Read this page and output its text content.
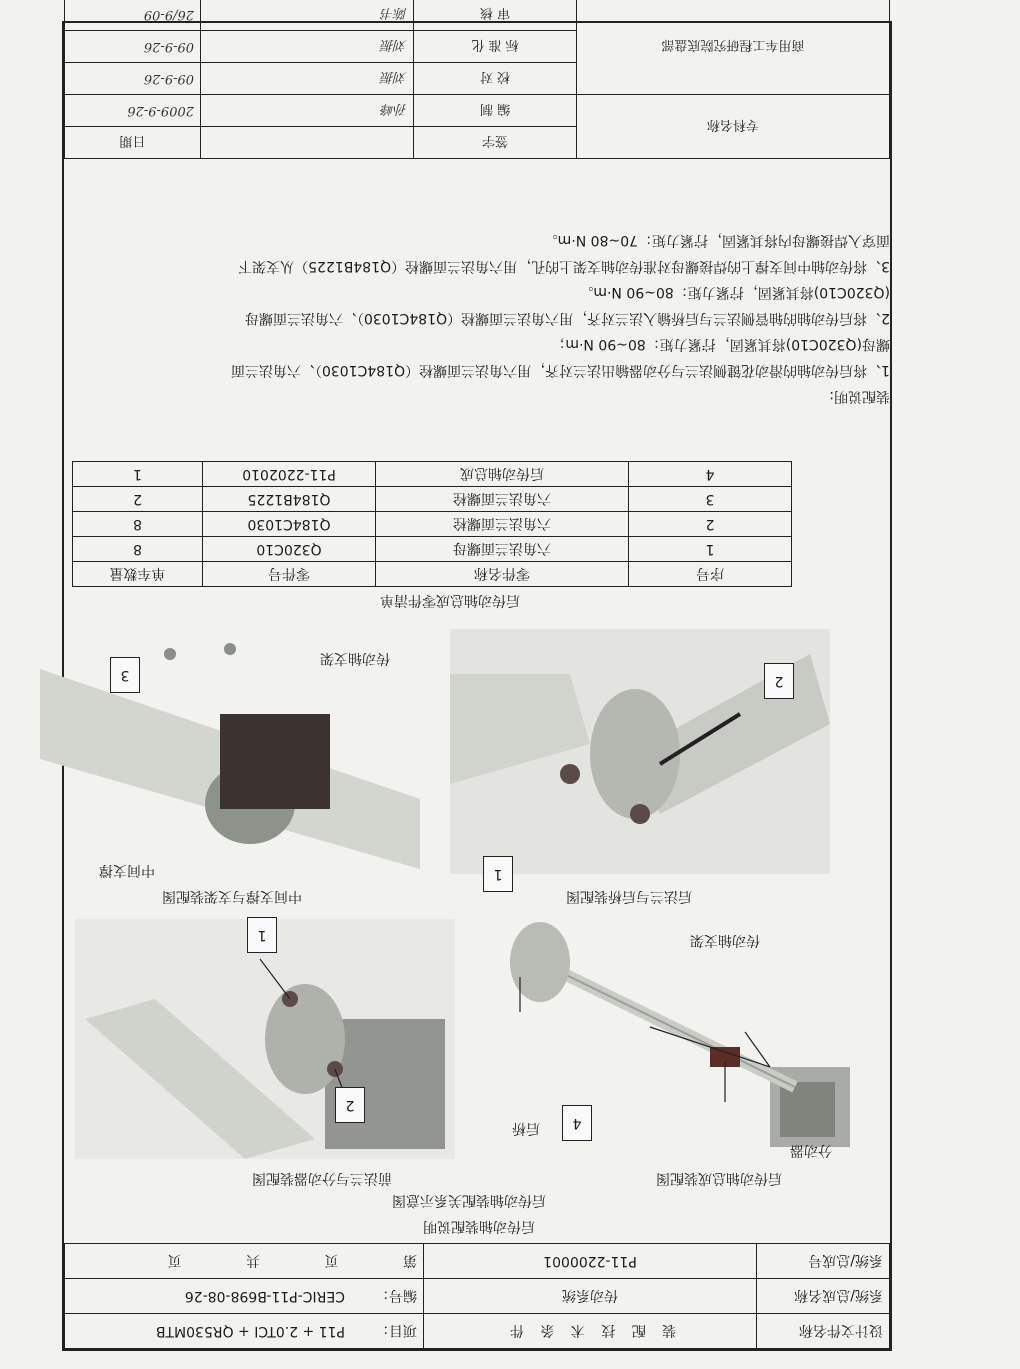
设计文件名称	装 配 技 术 条 件	项目：	P11 + 2.0TCI + QR530MTB
系统/总成名称	传动系统	编号：	CERIC-P11-B698-08-26
系统/总成号	P11-2200001	第 页 共 页	
后传动轴装配说明
后传动轴装配关系示意图
后传动轴总成装配图
分动器
传动轴支架
后桥	4
前法兰与分动器装配图
1
2
后法兰与后桥装配图
1
2
中间支撑与支架装配图
中间支撑
传动轴支架
3
后传动轴总成零件清单
序号	零件名称	零件号	单车数量
1	六角法兰面螺母	Q320C10	8
2	六角法兰面螺栓	Q184C1030	8
3	六角法兰面螺栓	Q184B1225	2
4	后传动轴总成	P11-2202010	1
装配说明:
1、将后传动轴的滑动花键侧法兰与分动器输出法兰对齐，用六角法兰面螺栓（Q184C1030）、六角法兰面
螺母(Q320C10)将其紧固，拧紧力矩：80~90 N·m；
2、将后传动轴的轴管侧法兰与后桥输入法兰对齐，用六角法兰面螺栓（Q184C1030）、六角法兰面螺母
(Q320C10)将其紧固，拧紧力矩：80~90 N·m。
3、将传动轴中间支撑上的焊接螺母对准传动轴支架上的孔，用六角法兰面螺栓（Q184B1225）从支架下
面穿入焊接螺母内将其紧固，拧紧力矩：70~80 N·m。
专科名称	签字		日期
	编 制	孙峰	2009-9-26
商用车工程研究院底盘部	校 对	刘振	09-9-26
	标 准 化	刘振	09-9-26
	审 核	陈书	26/9-09
